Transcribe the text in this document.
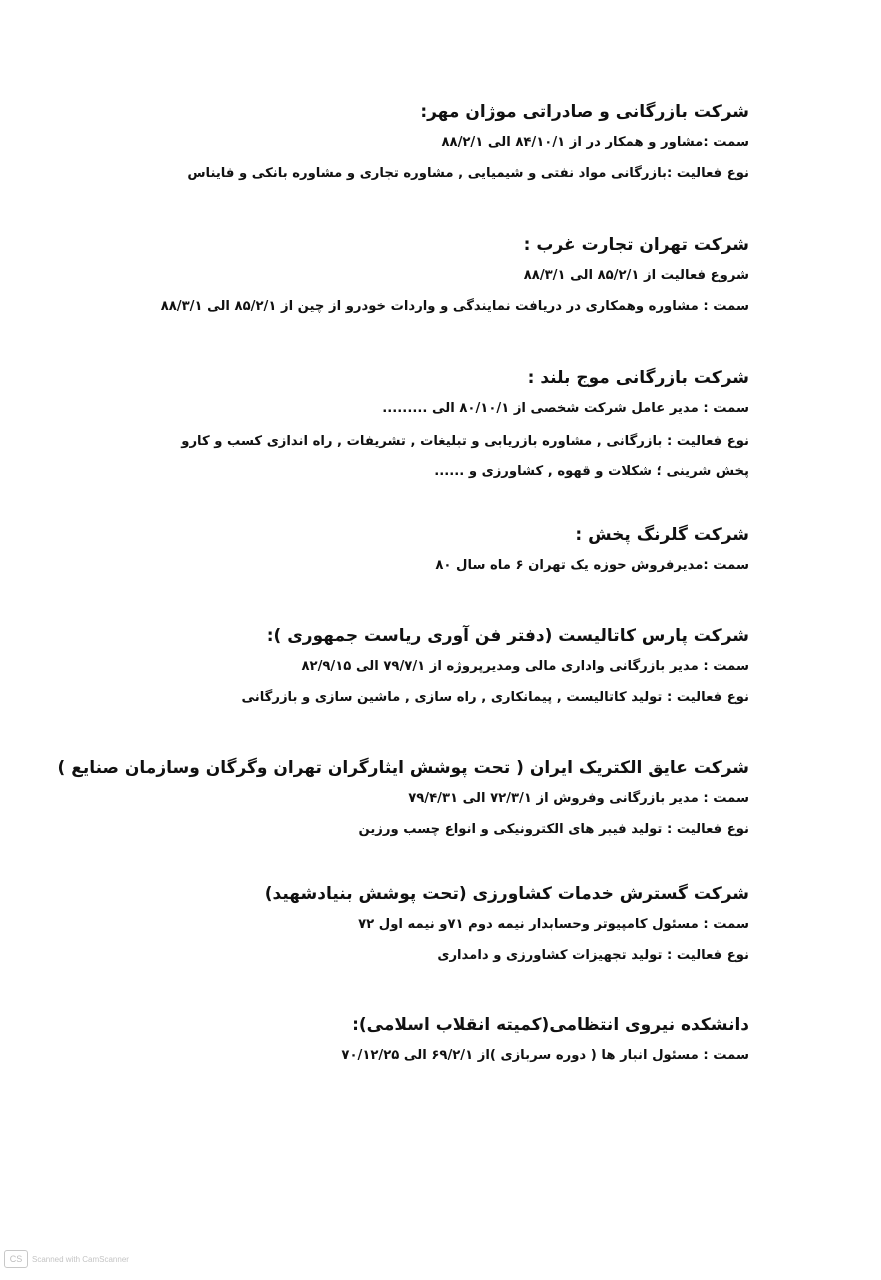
شرکت بازرگانی و صادراتی موژان مهر:
سمت :مشاور و همکار در از ۸۴/۱۰/۱ الی ۸۸/۲/۱
نوع فعالیت :بازرگانی مواد نفتی و شیمیایی , مشاوره تجاری و مشاوره بانکی و فایناس
شرکت تهران تجارت غرب :
شروع فعالیت از ۸۵/۲/۱ الی ۸۸/۳/۱
سمت : مشاوره وهمکاری در دریافت نمایندگی و واردات خودرو از چین از ۸۵/۲/۱ الی ۸۸/۳/۱
شرکت بازرگانی موج بلند :
سمت : مدیر عامل شرکت شخصی از ۸۰/۱۰/۱ الی .........
نوع فعالیت : بازرگانی , مشاوره بازریابی و تبلیغات , تشریفات , راه اندازی کسب و کارو پخش شرینی ؛ شکلات و قهوه , کشاورزی و ......
شرکت گلرنگ پخش :
سمت :مدیرفروش حوزه یک تهران ۶ ماه سال ۸۰
شرکت پارس کاتالیست (دفتر فن آوری ریاست جمهوری ):
سمت : مدیر بازرگانی واداری مالی ومدیرپروژه از ۷۹/۷/۱ الی ۸۲/۹/۱۵
نوع فعالیت : تولید کاتالیست , پیمانکاری , راه سازی , ماشین سازی و بازرگانی
شرکت عایق الکتریک ایران ( تحت پوشش ایثارگران تهران وگرگان وسازمان صنایع )
سمت : مدیر بازرگانی وفروش از ۷۲/۳/۱ الی ۷۹/۴/۳۱
نوع فعالیت : تولید فیبر های الکترونیکی و انواع چسب ورزین
شرکت گسترش خدمات کشاورزی (تحت پوشش بنیادشهید)
سمت : مسئول کامپیوتر وحسابدار نیمه دوم ۷۱و نیمه اول ۷۲
نوع فعالیت : تولید تجهیزات کشاورزی و دامداری
دانشکده نیروی انتظامی(کمیته انقلاب اسلامی):
سمت : مسئول انبار ها ( دوره سربازی )از ۶۹/۲/۱ الی ۷۰/۱۲/۲۵
CS	Scanned with CamScanner
